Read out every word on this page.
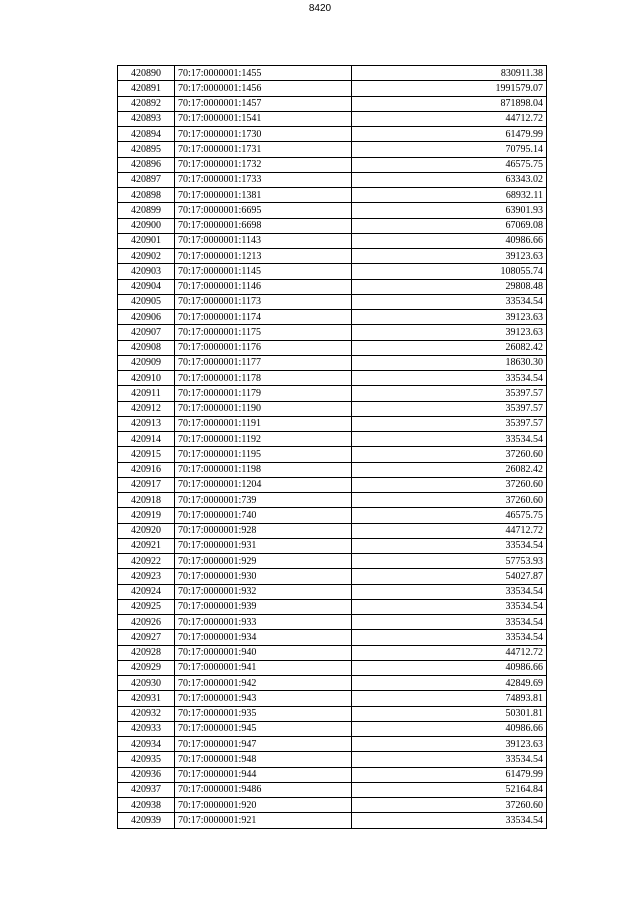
8420
420890	70:17:0000001:1455	830911.38
420891	70:17:0000001:1456	1991579.07
420892	70:17:0000001:1457	871898.04
420893	70:17:0000001:1541	44712.72
420894	70:17:0000001:1730	61479.99
420895	70:17:0000001:1731	70795.14
420896	70:17:0000001:1732	46575.75
420897	70:17:0000001:1733	63343.02
420898	70:17:0000001:1381	68932.11
420899	70:17:0000001:6695	63901.93
420900	70:17:0000001:6698	67069.08
420901	70:17:0000001:1143	40986.66
420902	70:17:0000001:1213	39123.63
420903	70:17:0000001:1145	108055.74
420904	70:17:0000001:1146	29808.48
420905	70:17:0000001:1173	33534.54
420906	70:17:0000001:1174	39123.63
420907	70:17:0000001:1175	39123.63
420908	70:17:0000001:1176	26082.42
420909	70:17:0000001:1177	18630.30
420910	70:17:0000001:1178	33534.54
420911	70:17:0000001:1179	35397.57
420912	70:17:0000001:1190	35397.57
420913	70:17:0000001:1191	35397.57
420914	70:17:0000001:1192	33534.54
420915	70:17:0000001:1195	37260.60
420916	70:17:0000001:1198	26082.42
420917	70:17:0000001:1204	37260.60
420918	70:17:0000001:739	37260.60
420919	70:17:0000001:740	46575.75
420920	70:17:0000001:928	44712.72
420921	70:17:0000001:931	33534.54
420922	70:17:0000001:929	57753.93
420923	70:17:0000001:930	54027.87
420924	70:17:0000001:932	33534.54
420925	70:17:0000001:939	33534.54
420926	70:17:0000001:933	33534.54
420927	70:17:0000001:934	33534.54
420928	70:17:0000001:940	44712.72
420929	70:17:0000001:941	40986.66
420930	70:17:0000001:942	42849.69
420931	70:17:0000001:943	74893.81
420932	70:17:0000001:935	50301.81
420933	70:17:0000001:945	40986.66
420934	70:17:0000001:947	39123.63
420935	70:17:0000001:948	33534.54
420936	70:17:0000001:944	61479.99
420937	70:17:0000001:9486	52164.84
420938	70:17:0000001:920	37260.60
420939	70:17:0000001:921	33534.54
